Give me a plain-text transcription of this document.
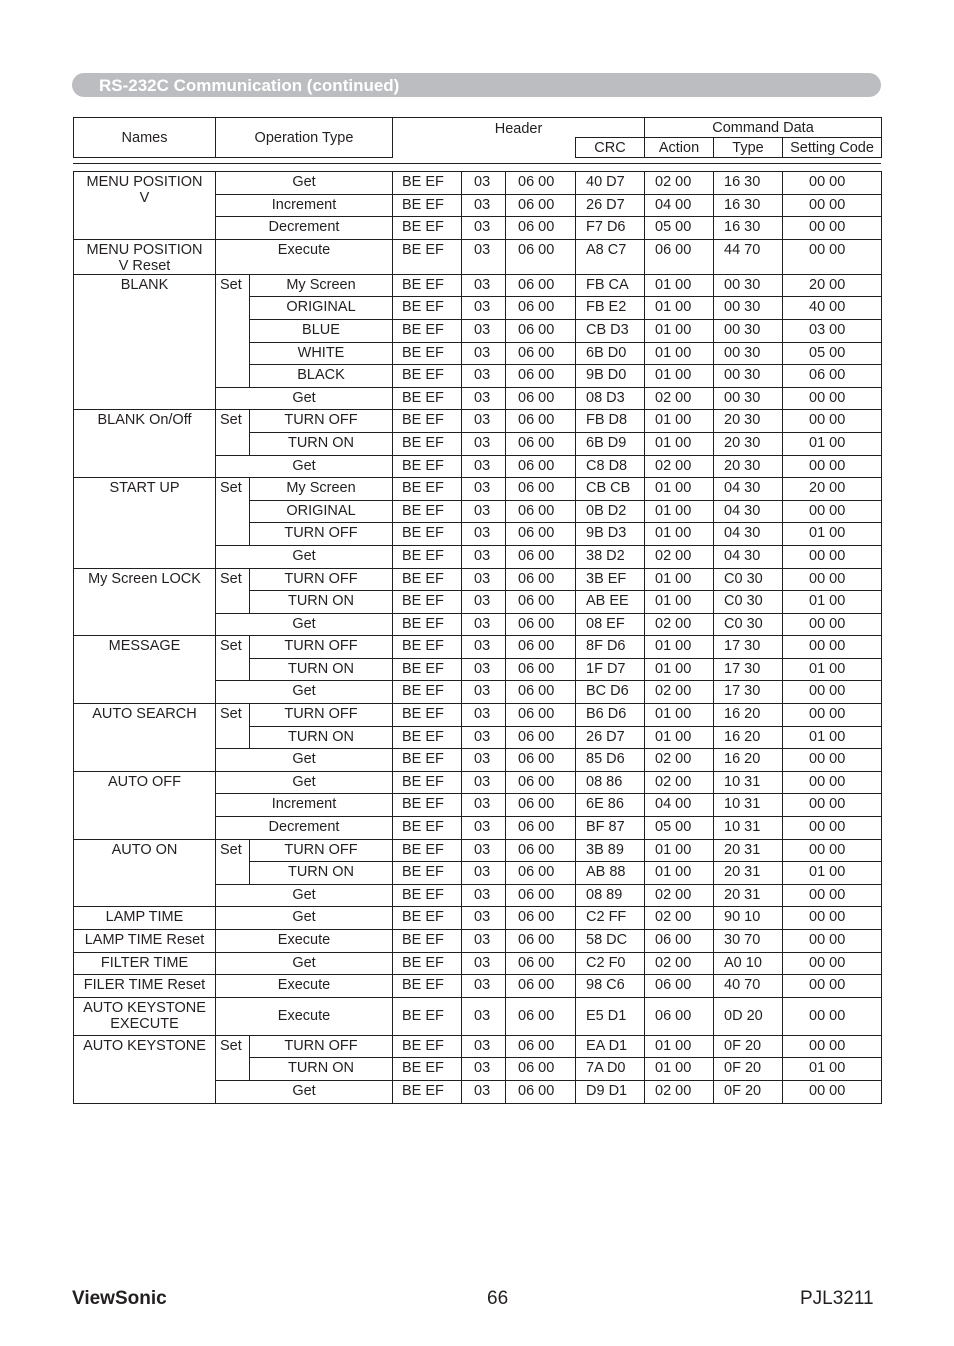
RS-232C Communication (continued)
Names	Operation Type	Header		Command Data		
			CRC	Action	Type	Setting Code
MENU POSITION
V	Get		BE EF	03	06 00	40 D7	02 00	16 30	00 00
	Increment		BE EF	03	06 00	26 D7	04 00	16 30	00 00
	Decrement		BE EF	03	06 00	F7 D6	05 00	16 30	00 00

MENU POSITION
V Reset	Execute		BE EF	03	06 00	A8 C7	06 00	44 70	00 00

BLANK	Set	My Screen	BE EF	03	06 00	FB CA	01 00	00 30	20 00
		ORIGINAL	BE EF	03	06 00	FB E2	01 00	00 30	40 00
		BLUE	BE EF	03	06 00	CB D3	01 00	00 30	03 00
		WHITE	BE EF	03	06 00	6B D0	01 00	00 30	05 00
		BLACK	BE EF	03	06 00	9B D0	01 00	00 30	06 00
	Get		BE EF	03	06 00	08 D3	02 00	00 30	00 00

BLANK On/Off	Set	TURN OFF	BE EF	03	06 00	FB D8	01 00	20 30	00 00
		TURN ON	BE EF	03	06 00	6B D9	01 00	20 30	01 00
	Get		BE EF	03	06 00	C8 D8	02 00	20 30	00 00

START UP	Set	My Screen	BE EF	03	06 00	CB CB	01 00	04 30	20 00
		ORIGINAL	BE EF	03	06 00	0B D2	01 00	04 30	00 00
		TURN OFF	BE EF	03	06 00	9B D3	01 00	04 30	01 00
	Get		BE EF	03	06 00	38 D2	02 00	04 30	00 00

My Screen LOCK	Set	TURN OFF	BE EF	03	06 00	3B EF	01 00	C0 30	00 00
		TURN ON	BE EF	03	06 00	AB EE	01 00	C0 30	01 00
	Get		BE EF	03	06 00	08 EF	02 00	C0 30	00 00

MESSAGE	Set	TURN OFF	BE EF	03	06 00	8F D6	01 00	17 30	00 00
		TURN ON	BE EF	03	06 00	1F D7	01 00	17 30	01 00
	Get		BE EF	03	06 00	BC D6	02 00	17 30	00 00

AUTO SEARCH	Set	TURN OFF	BE EF	03	06 00	B6 D6	01 00	16 20	00 00
		TURN ON	BE EF	03	06 00	26 D7	01 00	16 20	01 00
	Get		BE EF	03	06 00	85 D6	02 00	16 20	00 00

AUTO OFF	Get		BE EF	03	06 00	08 86	02 00	10 31	00 00
	Increment		BE EF	03	06 00	6E 86	04 00	10 31	00 00
	Decrement		BE EF	03	06 00	BF 87	05 00	10 31	00 00

AUTO ON	Set	TURN OFF	BE EF	03	06 00	3B 89	01 00	20 31	00 00
		TURN ON	BE EF	03	06 00	AB 88	01 00	20 31	01 00
	Get		BE EF	03	06 00	08 89	02 00	20 31	00 00

LAMP TIME	Get		BE EF	03	06 00	C2 FF	02 00	90 10	00 00

LAMP TIME Reset	Execute		BE EF	03	06 00	58 DC	06 00	30 70	00 00

FILTER TIME	Get		BE EF	03	06 00	C2 F0	02 00	A0 10	00 00

FILER TIME Reset	Execute		BE EF	03	06 00	98 C6	06 00	40 70	00 00

AUTO KEYSTONE
EXECUTE	Execute		BE EF	03	06 00	E5 D1	06 00	0D 20	00 00

AUTO KEYSTONE	Set	TURN OFF	BE EF	03	06 00	EA D1	01 00	0F 20	00 00
		TURN ON	BE EF	03	06 00	7A D0	01 00	0F 20	01 00
	Get		BE EF	03	06 00	D9 D1	02 00	0F 20	00 00
ViewSonic	66	PJL3211
